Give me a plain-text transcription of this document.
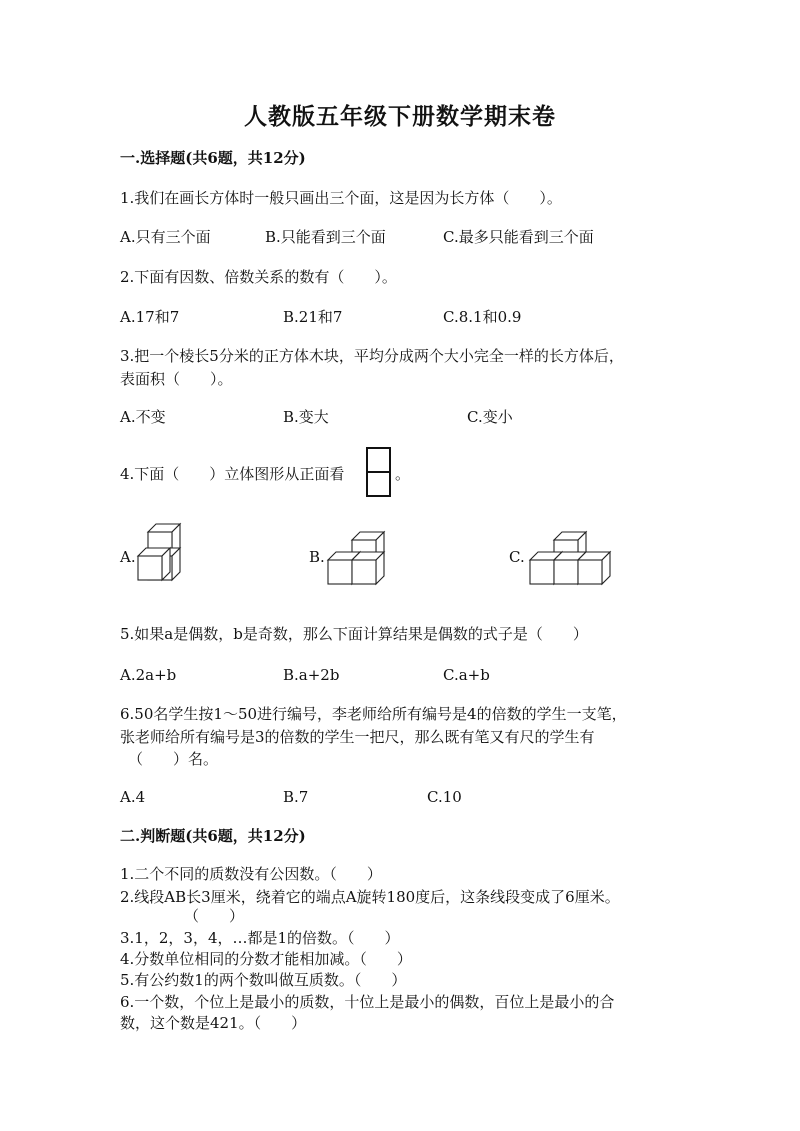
人教版五年级下册数学期末卷
一.选择题(共6题，共12分)
1.我们在画长方体时一般只画出三个面，这是因为长方体（　　）。
A.只有三个面	B.只能看到三个面	C.最多只能看到三个面
2.下面有因数、倍数关系的数有（　　）。
A.17和7	B.21和7	C.8.1和0.9
3.把一个棱长5分米的正方体木块，平均分成两个大小完全一样的长方体后，
表面积（　　）。
A.不变	B.变大	C.变小
4.下面（　　）立体图形从正面看	。
A.	B.	C.
5.如果a是偶数，b是奇数，那么下面计算结果是偶数的式子是（　　）
A.2a+b	B.a+2b	C.a+b
6.50名学生按1～50进行编号，李老师给所有编号是4的倍数的学生一支笔，
张老师给所有编号是3的倍数的学生一把尺，那么既有笔又有尺的学生有
（　　）名。
A.4	B.7	C.10
二.判断题(共6题，共12分)
1.二个不同的质数没有公因数。（　　）
2.线段AB长3厘米，绕着它的端点A旋转180度后，这条线段变成了6厘米。
（　　）
3.1，2，3，4，…都是1的倍数。（　　）
4.分数单位相同的分数才能相加减。（　　）
5.有公约数1的两个数叫做互质数。（　　）
6.一个数，个位上是最小的质数，十位上是最小的偶数，百位上是最小的合
数，这个数是421。（　　）
